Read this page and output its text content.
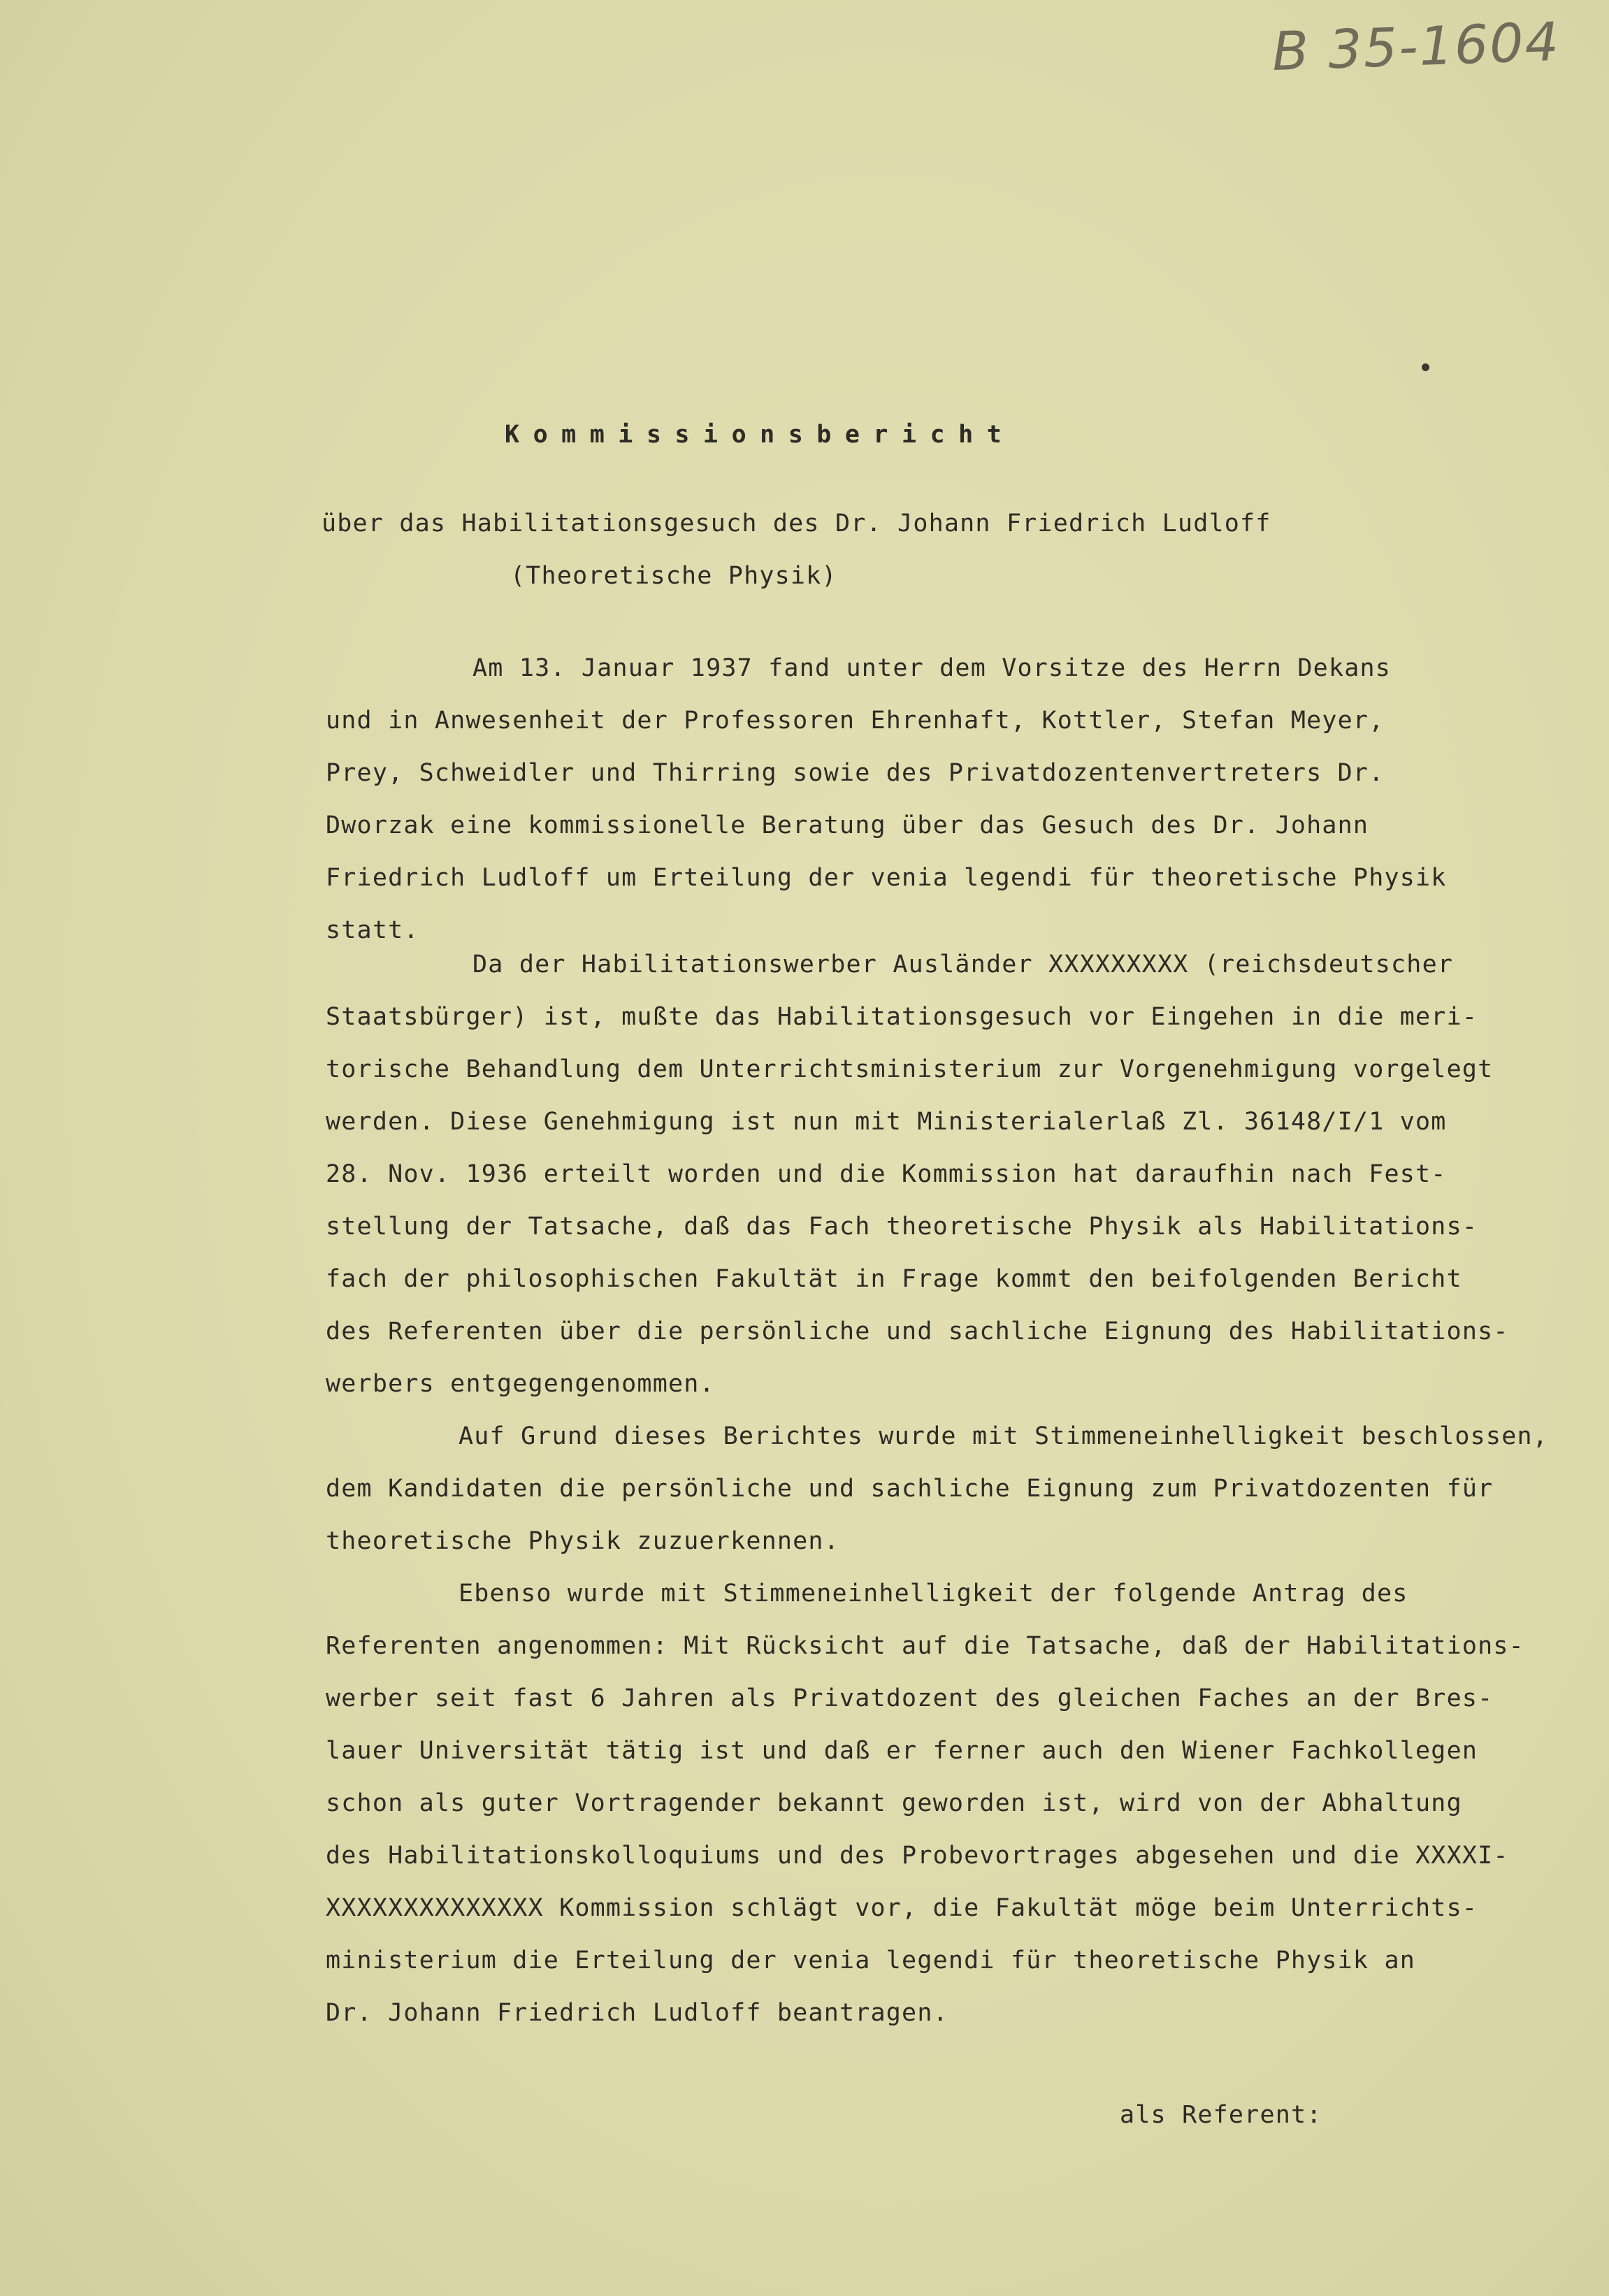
B 35-1604
Kommissionsbericht
über das Habilitationsgesuch des Dr. Johann Friedrich Ludloff
(Theoretische Physik)
Am 13. Januar 1937 fand unter dem Vorsitze des Herrn Dekans
und in Anwesenheit der Professoren Ehrenhaft, Kottler, Stefan Meyer,
Prey, Schweidler und Thirring sowie des Privatdozentenvertreters Dr.
Dworzak eine kommissionelle Beratung über das Gesuch des Dr. Johann
Friedrich Ludloff um Erteilung der venia legendi für theoretische Physik
statt.
Da der Habilitationswerber Ausländer XXXXXXXXX (reichsdeutscher
Staatsbürger) ist, mußte das Habilitationsgesuch vor Eingehen in die meri-
torische Behandlung dem Unterrichtsministerium zur Vorgenehmigung vorgelegt
werden. Diese Genehmigung ist nun mit Ministerialerlaß Zl. 36148/I/1 vom
28. Nov. 1936 erteilt worden und die Kommission hat daraufhin nach Fest-
stellung der Tatsache, daß das Fach theoretische Physik als Habilitations-
fach der philosophischen Fakultät in Frage kommt den beifolgenden Bericht
des Referenten über die persönliche und sachliche Eignung des Habilitations-
werbers entgegengenommen.
Auf Grund dieses Berichtes wurde mit Stimmeneinhelligkeit beschlossen,
dem Kandidaten die persönliche und sachliche Eignung zum Privatdozenten für
theoretische Physik zuzuerkennen.
Ebenso wurde mit Stimmeneinhelligkeit der folgende Antrag des
Referenten angenommen: Mit Rücksicht auf die Tatsache, daß der Habilitations-
werber seit fast 6 Jahren als Privatdozent des gleichen Faches an der Bres-
lauer Universität tätig ist und daß er ferner auch den Wiener Fachkollegen
schon als guter Vortragender bekannt geworden ist, wird von der Abhaltung
des Habilitationskolloquiums und des Probevortrages abgesehen und die XXXXI-
XXXXXXXXXXXXXX Kommission schlägt vor, die Fakultät möge beim Unterrichts-
ministerium die Erteilung der venia legendi für theoretische Physik an
Dr. Johann Friedrich Ludloff beantragen.
als Referent:
